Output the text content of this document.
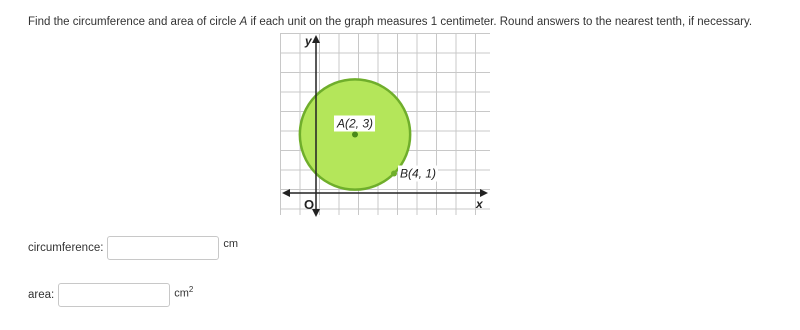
Find the circumference and area of circle A if each unit on the graph measures 1 centimeter. Round answers to the nearest tenth, if necessary.
A(2, 3)
B(4, 1)
x
y
O
circumference:	cm
area:	$cm^2$
